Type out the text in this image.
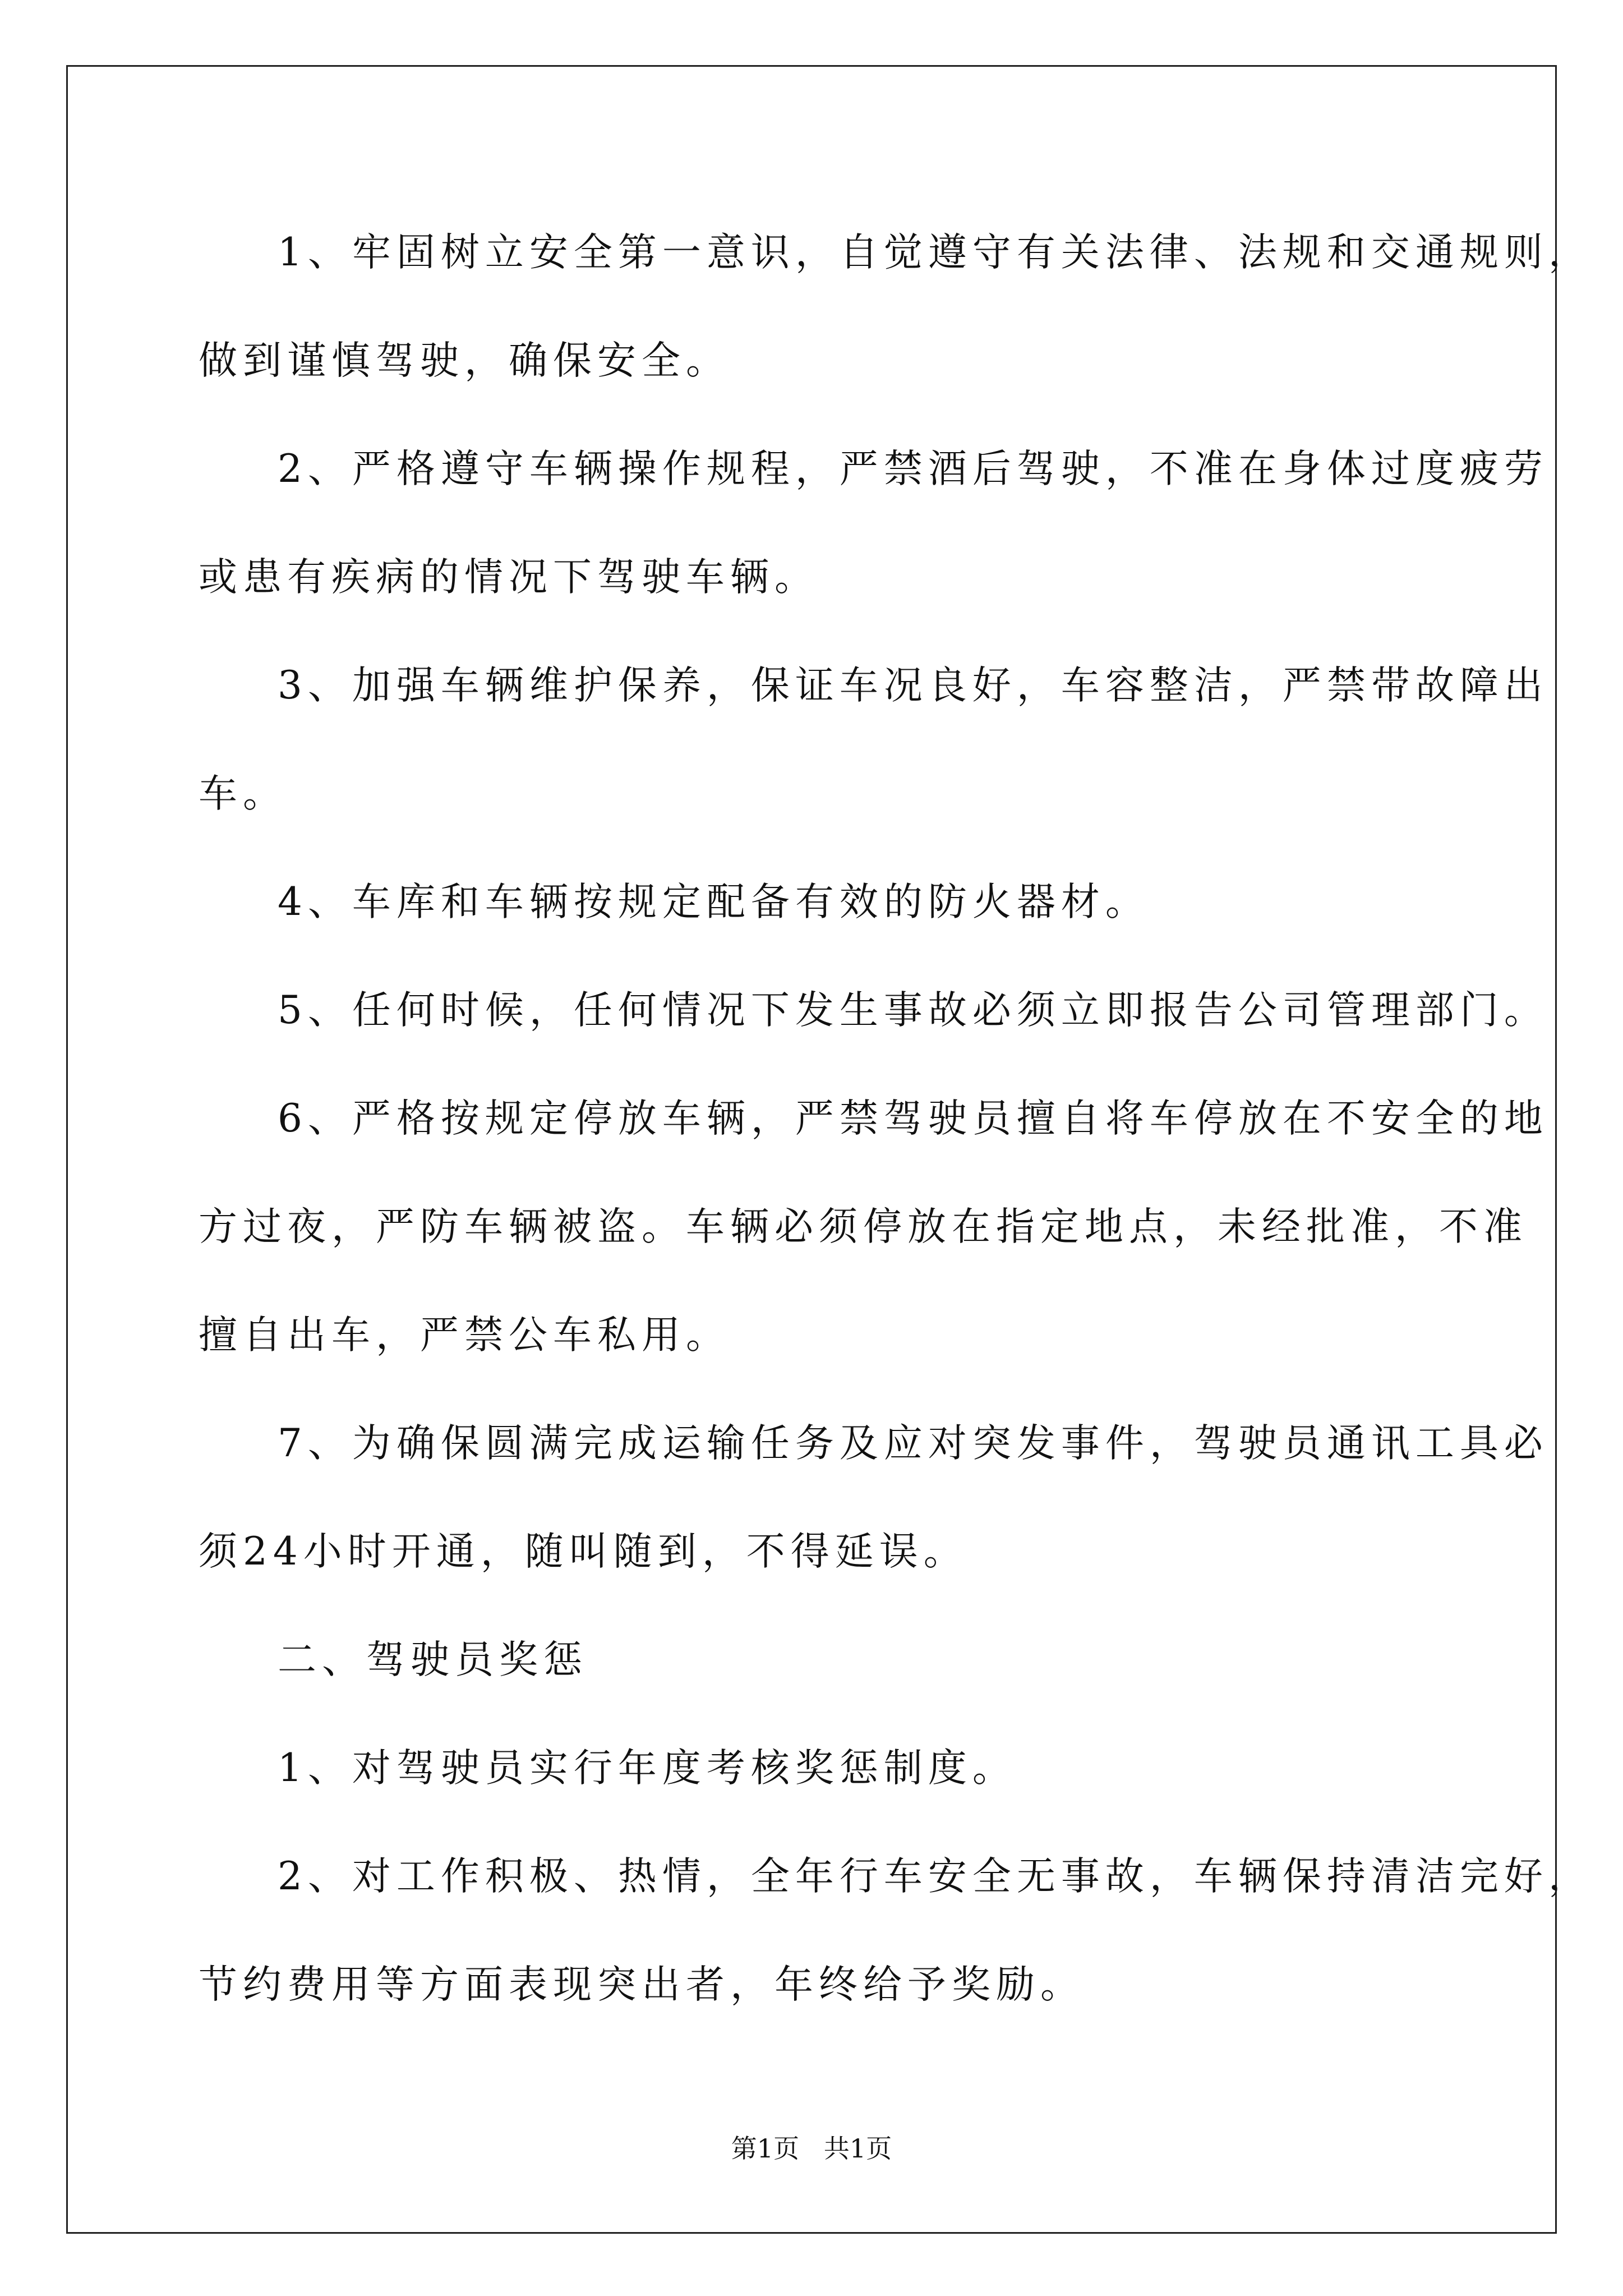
1、牢固树立安全第一意识，自觉遵守有关法律、法规和交通规则，

做到谨慎驾驶，确保安全。

2、严格遵守车辆操作规程，严禁酒后驾驶，不准在身体过度疲劳

或患有疾病的情况下驾驶车辆。

3、加强车辆维护保养，保证车况良好，车容整洁，严禁带故障出

车。

4、车库和车辆按规定配备有效的防火器材。

5、任何时候，任何情况下发生事故必须立即报告公司管理部门。

6、严格按规定停放车辆，严禁驾驶员擅自将车停放在不安全的地

方过夜，严防车辆被盗。车辆必须停放在指定地点，未经批准，不准

擅自出车，严禁公车私用。

7、为确保圆满完成运输任务及应对突发事件，驾驶员通讯工具必

须24小时开通，随叫随到，不得延误。

二、驾驶员奖惩

1、对驾驶员实行年度考核奖惩制度。

2、对工作积极、热情，全年行车安全无事故，车辆保持清洁完好，

节约费用等方面表现突出者，年终给予奖励。

第1页   共1页
